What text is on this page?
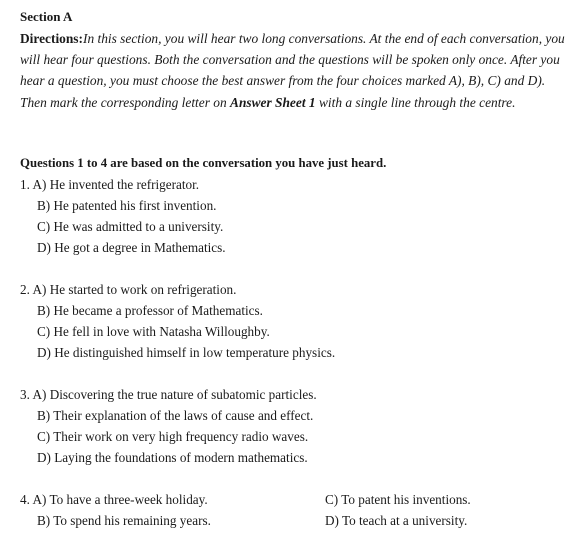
Section A
Directions:In this section, you will hear two long conversations. At the end of each conversation, you will hear four questions. Both the conversation and the questions will be spoken only once. After you hear a question, you must choose the best answer from the four choices marked A), B), C) and D). Then mark the corresponding letter on Answer Sheet 1 with a single line through the centre.
Questions 1 to 4 are based on the conversation you have just heard.
1. A) He invented the refrigerator.
B) He patented his first invention.
C) He was admitted to a university.
D) He got a degree in Mathematics.
2. A) He started to work on refrigeration.
B) He became a professor of Mathematics.
C) He fell in love with Natasha Willoughby.
D) He distinguished himself in low temperature physics.
3. A) Discovering the true nature of subatomic particles.
B) Their explanation of the laws of cause and effect.
C) Their work on very high frequency radio waves.
D) Laying the foundations of modern mathematics.
4. A) To have a three-week holiday.
B) To spend his remaining years.
C) To patent his inventions.
D) To teach at a university.
